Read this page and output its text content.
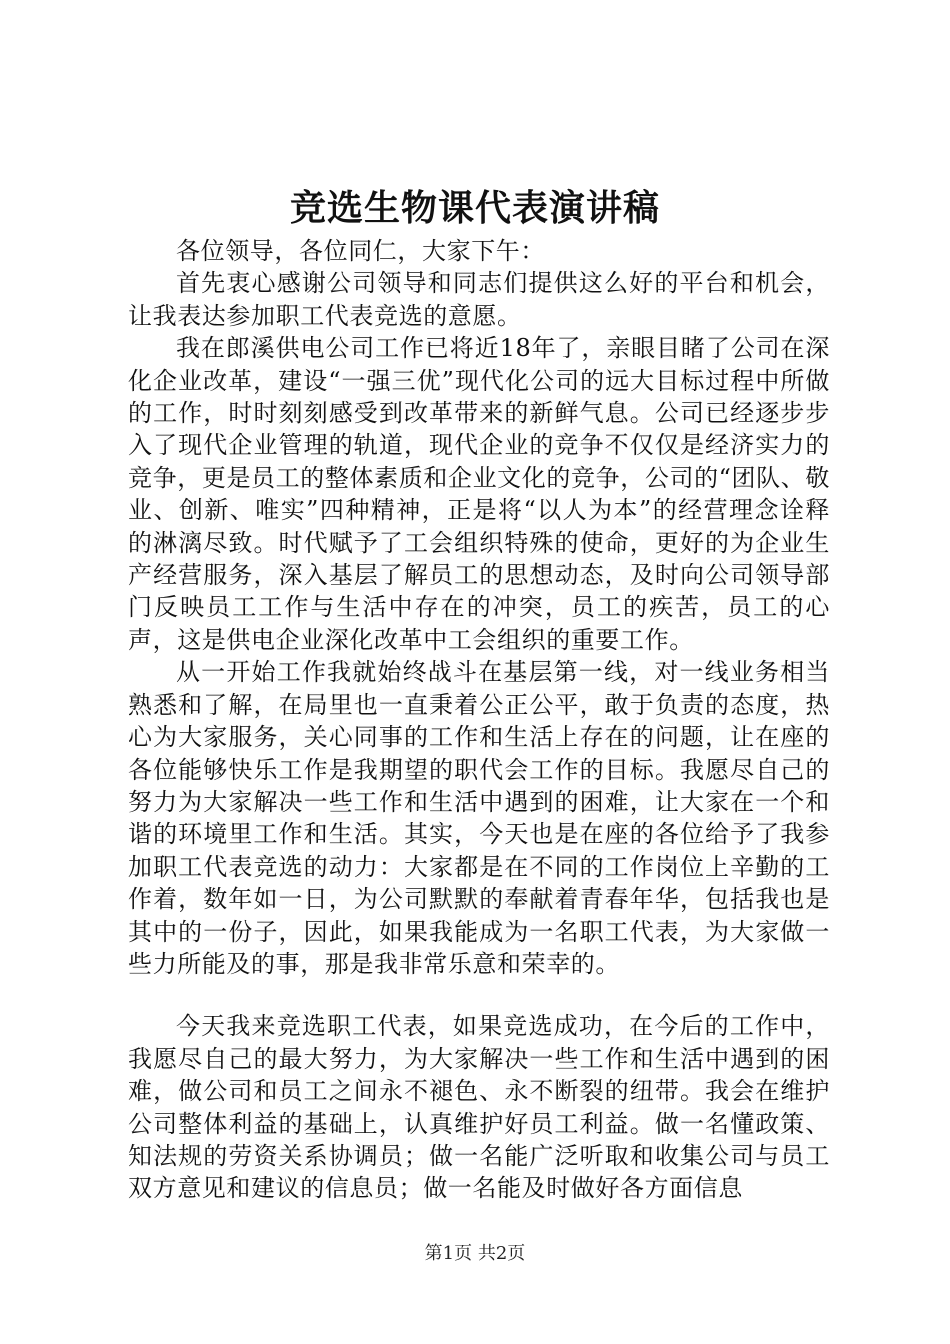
竞选生物课代表演讲稿

各位领导，各位同仁，大家下午：

首先衷心感谢公司领导和同志们提供这么好的平台和机会，让我表达参加职工代表竞选的意愿。

我在郎溪供电公司工作已将近18年了，亲眼目睹了公司在深化企业改革，建设“一强三优”现代化公司的远大目标过程中所做的工作，时时刻刻感受到改革带来的新鲜气息。公司已经逐步步入了现代企业管理的轨道，现代企业的竞争不仅仅是经济实力的竞争，更是员工的整体素质和企业文化的竞争，公司的“团队、敬业、创新、唯实”四种精神，正是将“以人为本”的经营理念诠释的淋漓尽致。时代赋予了工会组织特殊的使命，更好的为企业生产经营服务，深入基层了解员工的思想动态，及时向公司领导部门反映员工工作与生活中存在的冲突，员工的疾苦，员工的心声，这是供电企业深化改革中工会组织的重要工作。

从一开始工作我就始终战斗在基层第一线，对一线业务相当熟悉和了解，在局里也一直秉着公正公平，敢于负责的态度，热心为大家服务，关心同事的工作和生活上存在的问题，让在座的各位能够快乐工作是我期望的职代会工作的目标。我愿尽自己的努力为大家解决一些工作和生活中遇到的困难，让大家在一个和谐的环境里工作和生活。其实，今天也是在座的各位给予了我参加职工代表竞选的动力：大家都是在不同的工作岗位上辛勤的工作着，数年如一日，为公司默默的奉献着青春年华，包括我也是其中的一份子，因此，如果我能成为一名职工代表，为大家做一些力所能及的事，那是我非常乐意和荣幸的。

今天我来竞选职工代表，如果竞选成功，在今后的工作中，我愿尽自己的最大努力，为大家解决一些工作和生活中遇到的困难，做公司和员工之间永不褪色、永不断裂的纽带。我会在维护公司整体利益的基础上，认真维护好员工利益。做一名懂政策、知法规的劳资关系协调员；做一名能广泛听取和收集公司与员工双方意见和建议的信息员；做一名能及时做好各方面信息

第1页 共2页
